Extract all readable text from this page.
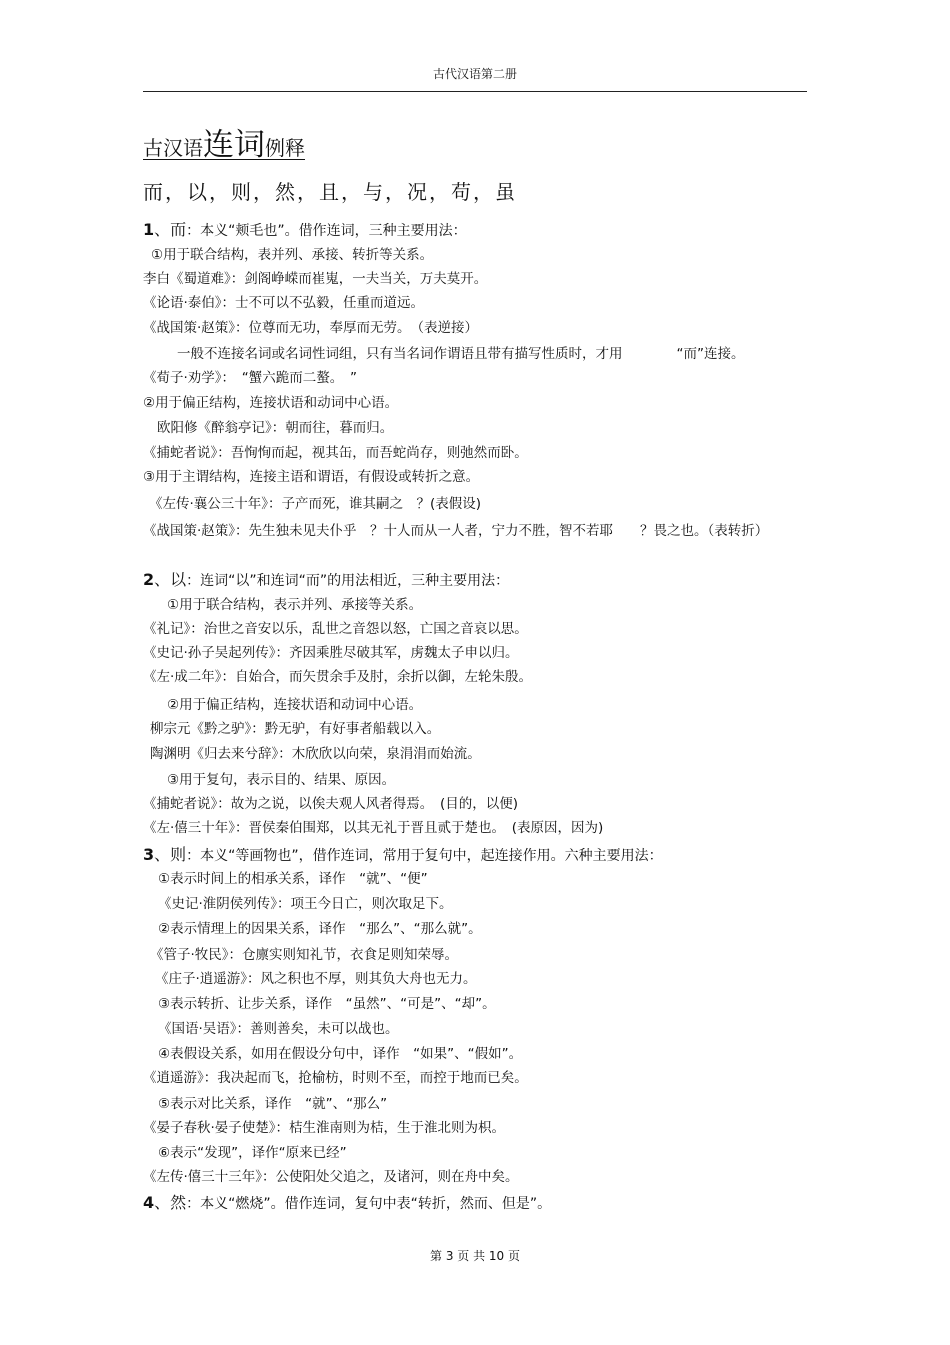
古代汉语第二册
古汉语连词例释
而，以，则，然，且，与，况，苟，虽
1、而：本义“颊毛也”。借作连词，三种主要用法：
①用于联合结构，表并列、承接、转折等关系。
李白《蜀道难》：剑阁峥嵘而崔嵬，一夫当关，万夫莫开。
《论语·泰伯》：士不可以不弘毅，任重而道远。
《战国策·赵策》：位尊而无功，奉厚而无劳。　（表逆接）
一般不连接名词或名词性词组，只有当名词作谓语且带有描写性质时，才用　　　　“而”连接。
《荀子·劝学》：　“蟹六跪而二螯。　”
②用于偏正结构，连接状语和动词中心语。
欧阳修《醉翁亭记》：朝而往，暮而归。
《捕蛇者说》：吾恂恂而起，视其缶，而吾蛇尚存，则弛然而卧。
③用于主谓结构，连接主语和谓语，有假设或转折之意。
《左传·襄公三十年》：子产而死，谁其嗣之　？(表假设)
《战国策·赵策》：先生独未见夫仆乎　？十人而从一人者，宁力不胜，智不若耶　　？畏之也。（表转折）
2、以：连词“以”和连词“而”的用法相近，三种主要用法：
①用于联合结构，表示并列、承接等关系。
《礼记》：治世之音安以乐，乱世之音怨以怒，亡国之音哀以思。
《史记·孙子吴起列传》：齐因乘胜尽破其军，虏魏太子申以归。
《左·成二年》：自始合，而矢贯余手及肘，余折以御，左轮朱殷。
②用于偏正结构，连接状语和动词中心语。
柳宗元《黔之驴》：黔无驴，有好事者船载以入。
陶渊明《归去来兮辞》：木欣欣以向荣，泉涓涓而始流。
③用于复句，表示目的、结果、原因。
《捕蛇者说》：故为之说，以俟夫观人风者得焉。　(目的，以便)
《左·僖三十年》：晋侯秦伯围郑，以其无礼于晋且贰于楚也。　(表原因，因为)
3、则：本义“等画物也”，借作连词，常用于复句中，起连接作用。六种主要用法：
①表示时间上的相承关系，译作　“就”、“便”
《史记·淮阴侯列传》：项王今日亡，则次取足下。
②表示情理上的因果关系，译作　“那么”、“那么就”。
《管子·牧民》：仓廪实则知礼节，衣食足则知荣辱。
《庄子·逍遥游》：风之积也不厚，则其负大舟也无力。
③表示转折、让步关系，译作　“虽然”、“可是”、“却”。
《国语·吴语》：善则善矣，未可以战也。
④表假设关系，如用在假设分句中，译作　“如果”、“假如”。
《逍遥游》：我决起而飞，抢榆枋，时则不至，而控于地而已矣。
⑤表示对比关系，译作　“就”、“那么”
《晏子春秋·晏子使楚》：桔生淮南则为桔，生于淮北则为枳。
⑥表示“发现”，译作“原来已经”
《左传·僖三十三年》：公使阳处父追之，及诸河，则在舟中矣。
4、然：本义“燃烧”。借作连词，复句中表“转折，然而、但是”。
第 3 页 共 10 页
